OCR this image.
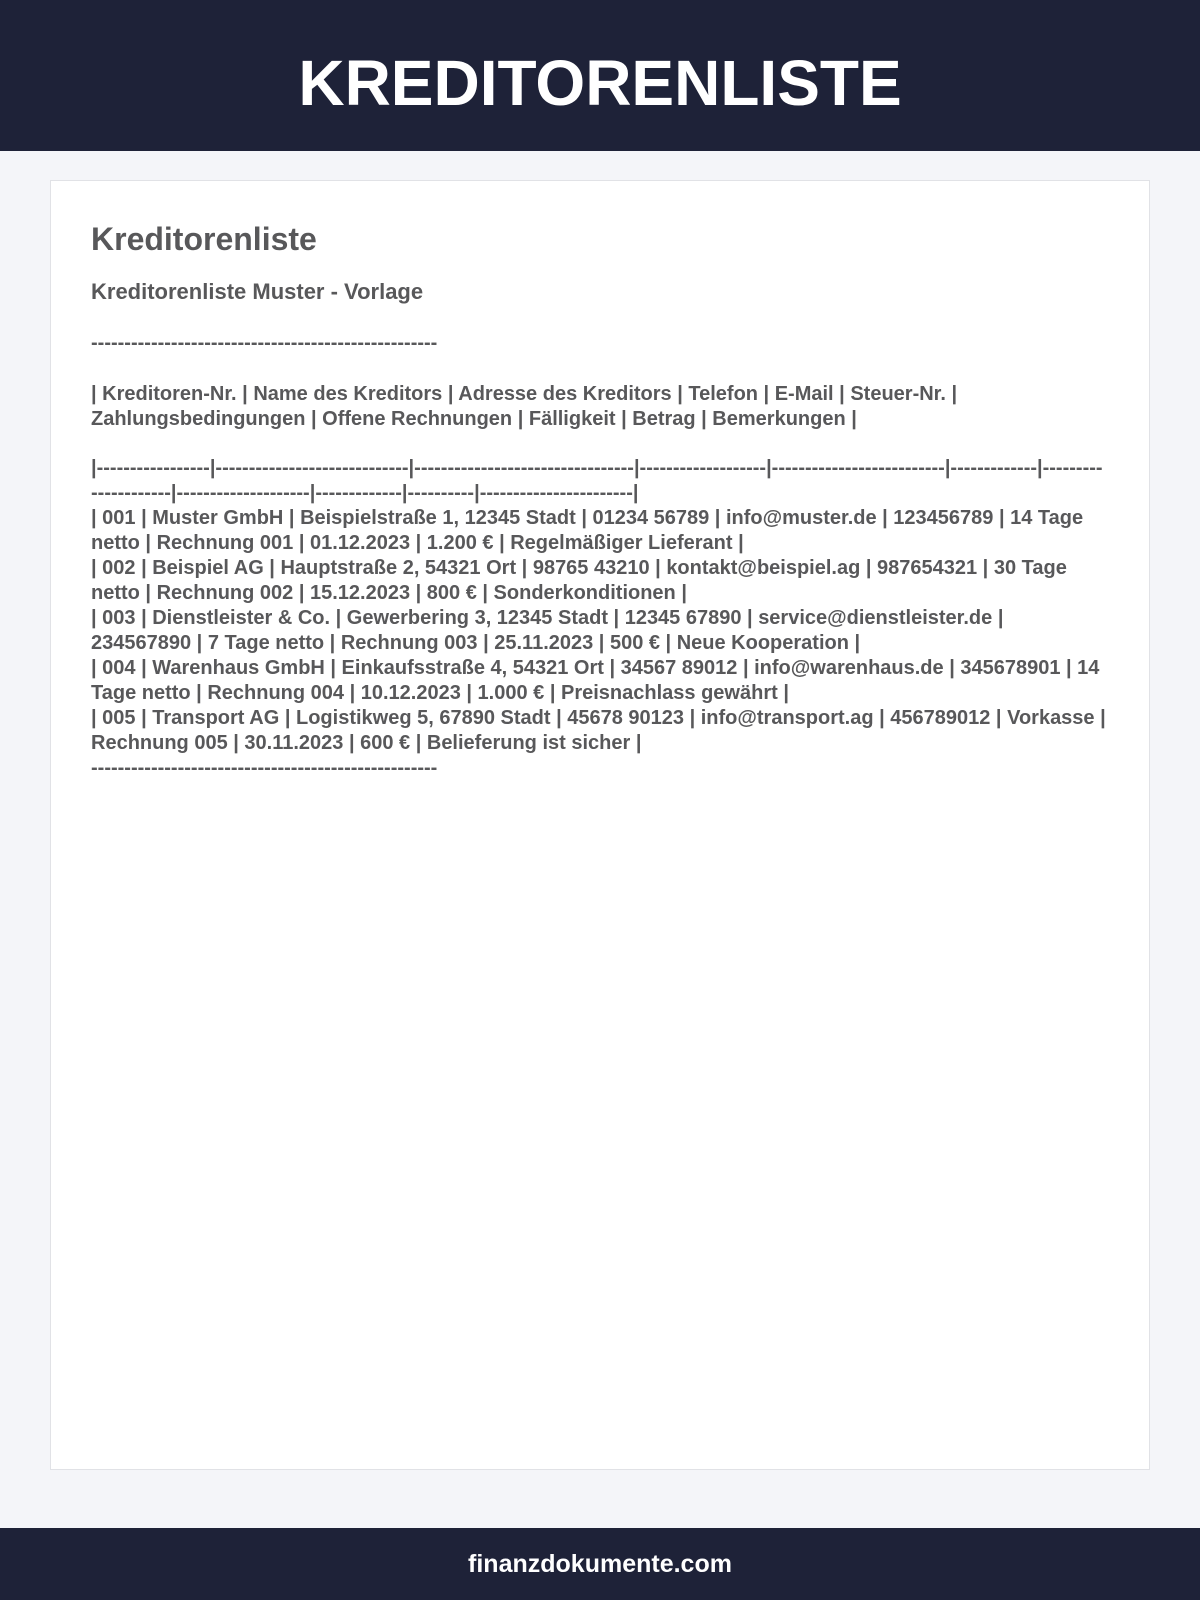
KREDITORENLISTE
Kreditorenliste

Kreditorenliste Muster - Vorlage

----------------------------------------------------

| Kreditoren-Nr. | Name des Kreditors | Adresse des Kreditors | Telefon | E-Mail | Steuer-Nr. | Zahlungsbedingungen | Offene Rechnungen | Fälligkeit | Betrag | Bemerkungen |

|-----------------|-----------------------------|---------------------------------|-------------------|--------------------------|-------------|---------------------|--------------------|-------------|----------|-----------------------|

| 001 | Muster GmbH | Beispielstraße 1, 12345 Stadt | 01234 56789 | info@muster.de | 123456789 | 14 Tage netto | Rechnung 001 | 01.12.2023 | 1.200 € | Regelmäßiger Lieferant |

| 002 | Beispiel AG | Hauptstraße 2, 54321 Ort | 98765 43210 | kontakt@beispiel.ag | 987654321 | 30 Tage netto | Rechnung 002 | 15.12.2023 | 800 € | Sonderkonditionen |

| 003 | Dienstleister & Co. | Gewerbering 3, 12345 Stadt | 12345 67890 | service@dienstleister.de | 234567890 | 7 Tage netto | Rechnung 003 | 25.11.2023 | 500 € | Neue Kooperation |

| 004 | Warenhaus GmbH | Einkaufsstraße 4, 54321 Ort | 34567 89012 | info@warenhaus.de | 345678901 | 14 Tage netto | Rechnung 004 | 10.12.2023 | 1.000 € | Preisnachlass gewährt |

| 005 | Transport AG | Logistikweg 5, 67890 Stadt | 45678 90123 | info@transport.ag | 456789012 | Vorkasse | Rechnung 005 | 30.11.2023 | 600 € | Belieferung ist sicher |

----------------------------------------------------

finanzdokumente.com
